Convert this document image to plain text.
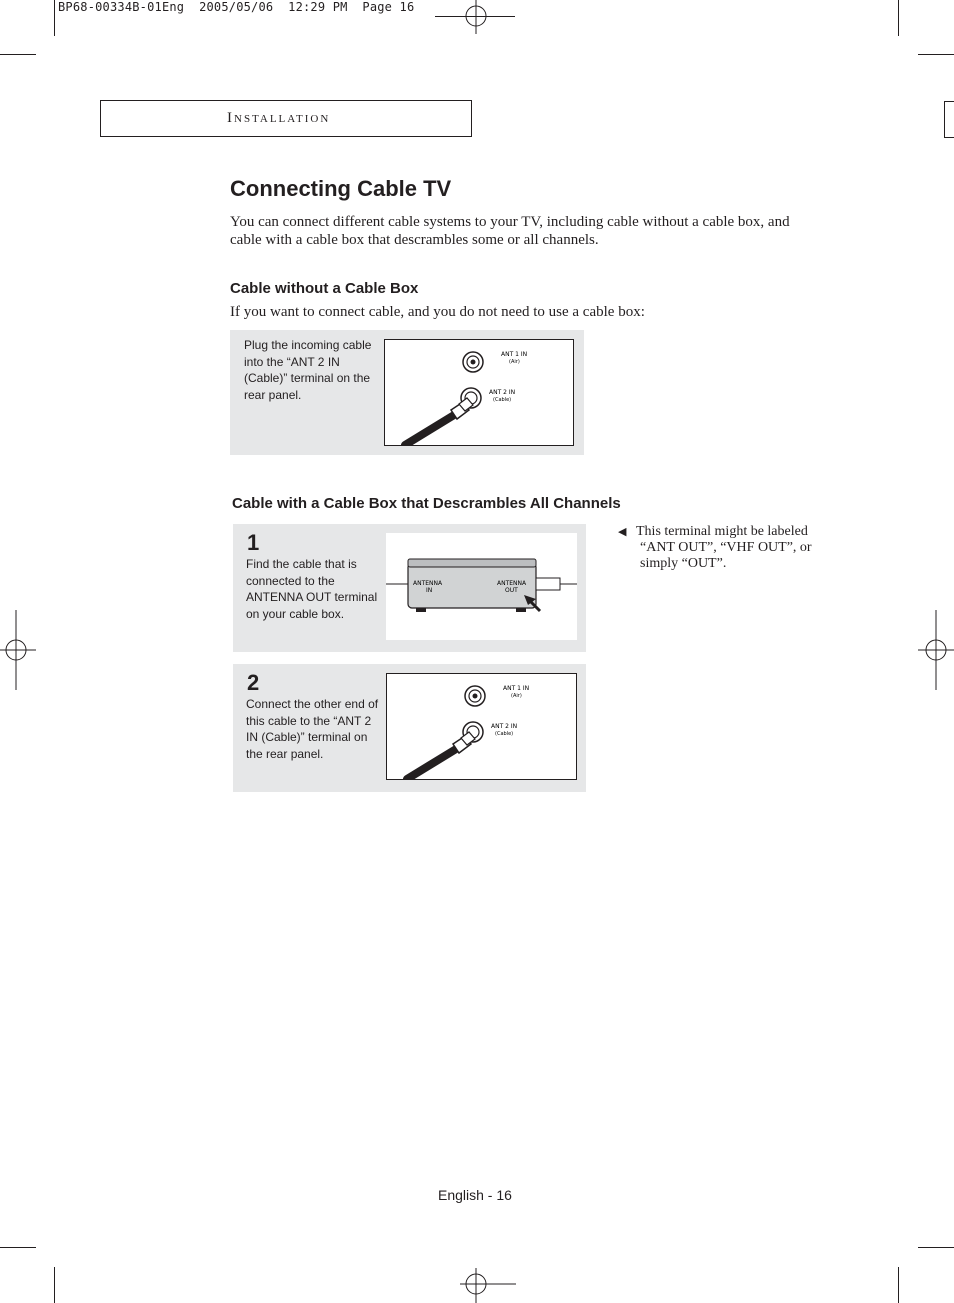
BP68-00334B-01Eng  2005/05/06  12:29 PM  Page 16
Installation
Connecting Cable TV

You can connect different cable systems to your TV, including cable without a cable box, and cable with a cable box that descrambles some or all channels.

Cable without a Cable Box
If you want to connect cable, and you do not need to use a cable box:
Plug the incoming cable into the “ANT 2 IN (Cable)” terminal on the rear panel.
ANT 1 IN
(Air)
ANT 2 IN
(Cable)
Cable with a Cable Box that Descrambles All Channels
1
Find the cable that is connected to the ANTENNA OUT terminal on your cable box.
ANTENNA
IN
ANTENNA
OUT
◀ This terminal might be labeled “ANT OUT”, “VHF OUT”, or simply “OUT”.
2
Connect the other end of this cable to the “ANT 2 IN (Cable)” terminal on the rear panel.
ANT 1 IN
(Air)
ANT 2 IN
(Cable)
English - 16
